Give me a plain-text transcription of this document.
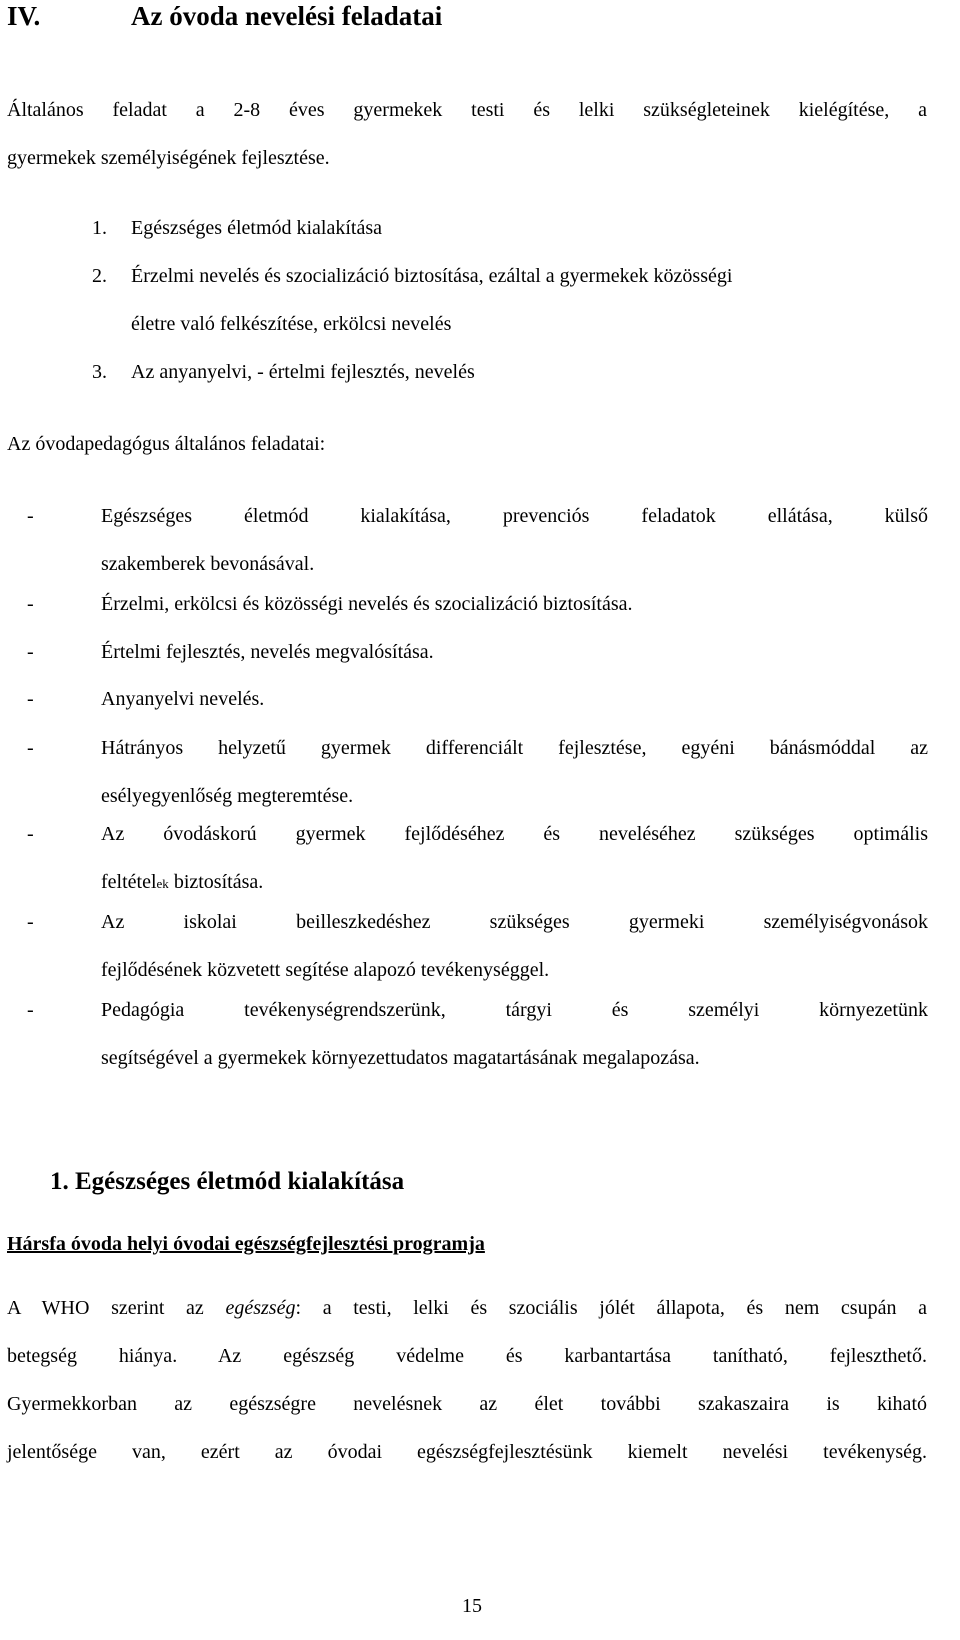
IV.	Az óvoda nevelési feladatai
Általános feladat a 2-8 éves gyermekek testi és lelki szükségleteinek kielégítése, a
gyermekek személyiségének fejlesztése.
1. Egészséges életmód kialakítása
2. Érzelmi nevelés és szocializáció biztosítása, ezáltal a gyermekek közösségi
életre való felkészítése, erkölcsi nevelés
3. Az anyanyelvi, - értelmi fejlesztés, nevelés
Az óvodapedagógus általános feladatai:
-	Egészséges életmód kialakítása, prevenciós feladatok ellátása, külső
szakemberek bevonásával.
-	Érzelmi, erkölcsi és közösségi nevelés és szocializáció biztosítása.
-	Értelmi fejlesztés, nevelés megvalósítása.
-	Anyanyelvi nevelés.
-	Hátrányos helyzetű gyermek differenciált fejlesztése, egyéni bánásmóddal az
esélyegyenlőség megteremtése.
-	Az óvodáskorú gyermek fejlődéséhez és neveléséhez szükséges optimális
feltételek biztosítása.
-	Az iskolai beilleszkedéshez szükséges gyermeki személyiségvonások
fejlődésének közvetett segítése alapozó tevékenységgel.
-	Pedagógia tevékenységrendszerünk, tárgyi és személyi környezetünk
segítségével a gyermekek környezettudatos magatartásának megalapozása.
1. Egészséges életmód kialakítása
Hársfa óvoda helyi óvodai egészségfejlesztési programja
A WHO szerint az egészség: a testi, lelki és szociális jólét állapota, és nem csupán a
betegség hiánya. Az egészség védelme és karbantartása tanítható, fejleszthető.
Gyermekkorban az egészségre nevelésnek az élet további szakaszaira is kiható
jelentősége van, ezért az óvodai egészségfejlesztésünk kiemelt nevelési tevékenység.
15
